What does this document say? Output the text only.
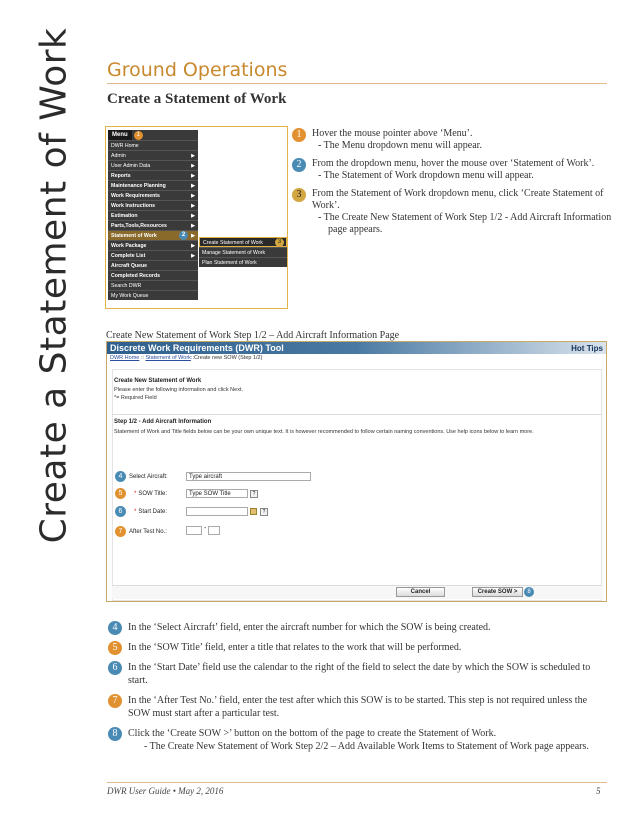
Create a Statement of Work Ground Operations
Create a Statement of Work
Menu	1
DWR Home
Admin	▶
User Admin Data	▶
Reports	▶
Maintenance Planning	▶
Work Requirements	▶
Work Instructions	▶
Estimation	▶
Parts,Tools,Resources	▶
Statement of Work	2	▶
Work Package	▶
Complete List	▶
Aircraft Queue
Completed Records
Search DWR
My Work Queue
Create Statement of Work	3
Manage Statement of Work
Plan Statement of Work
1	Hover the mouse pointer above ‘Menu’.
- The Menu dropdown menu will appear.
2	From the dropdown menu, hover the mouse over ‘Statement of Work’.
- The Statement of Work dropdown menu will appear.
3	From the Statement of Work dropdown menu, click ‘Create Statement of Work’.
- The Create New Statement of Work Step 1/2 - Add Aircraft Information page appears.
Create New Statement of Work Step 1/2 – Add Aircraft Information Page
Discrete Work Requirements (DWR) Tool	Hot Tips
DWR Home :: Statement of Work::Create new SOW (Step 1/2)
Create New Statement of Work
Please enter the following information and click Next.
*= Required Field
Step 1/2 - Add Aircraft Information
Statement of Work and Title fields below can be your own unique text. It is however recommended to follow certain naming conventions. Use help icons below to learn more.
4	Select Aircraft:	Type aircraft
5	* SOW Title:	Type SOW Title	?
6	* Start Date:	?
7	After Test No.:	-
Cancel	Create SOW >	8
4	In the ‘Select Aircraft’ field, enter the aircraft number for which the SOW is being created.
5	In the ‘SOW Title’ field, enter a title that relates to the work that will be performed.
6	In the ‘Start Date’ field use the calendar to the right of the field to select the date by which the SOW is scheduled to start.
7	In the ‘After Test No.’ field, enter the test after which this SOW is to be started. This step is not required unless the SOW must start after a particular test.
8	Click the ‘Create SOW >’ button on the bottom of the page to create the Statement of Work.
- The Create New Statement of Work Step 2/2 – Add Available Work Items to Statement of Work page appears.
DWR User Guide • May 2, 2016	5
